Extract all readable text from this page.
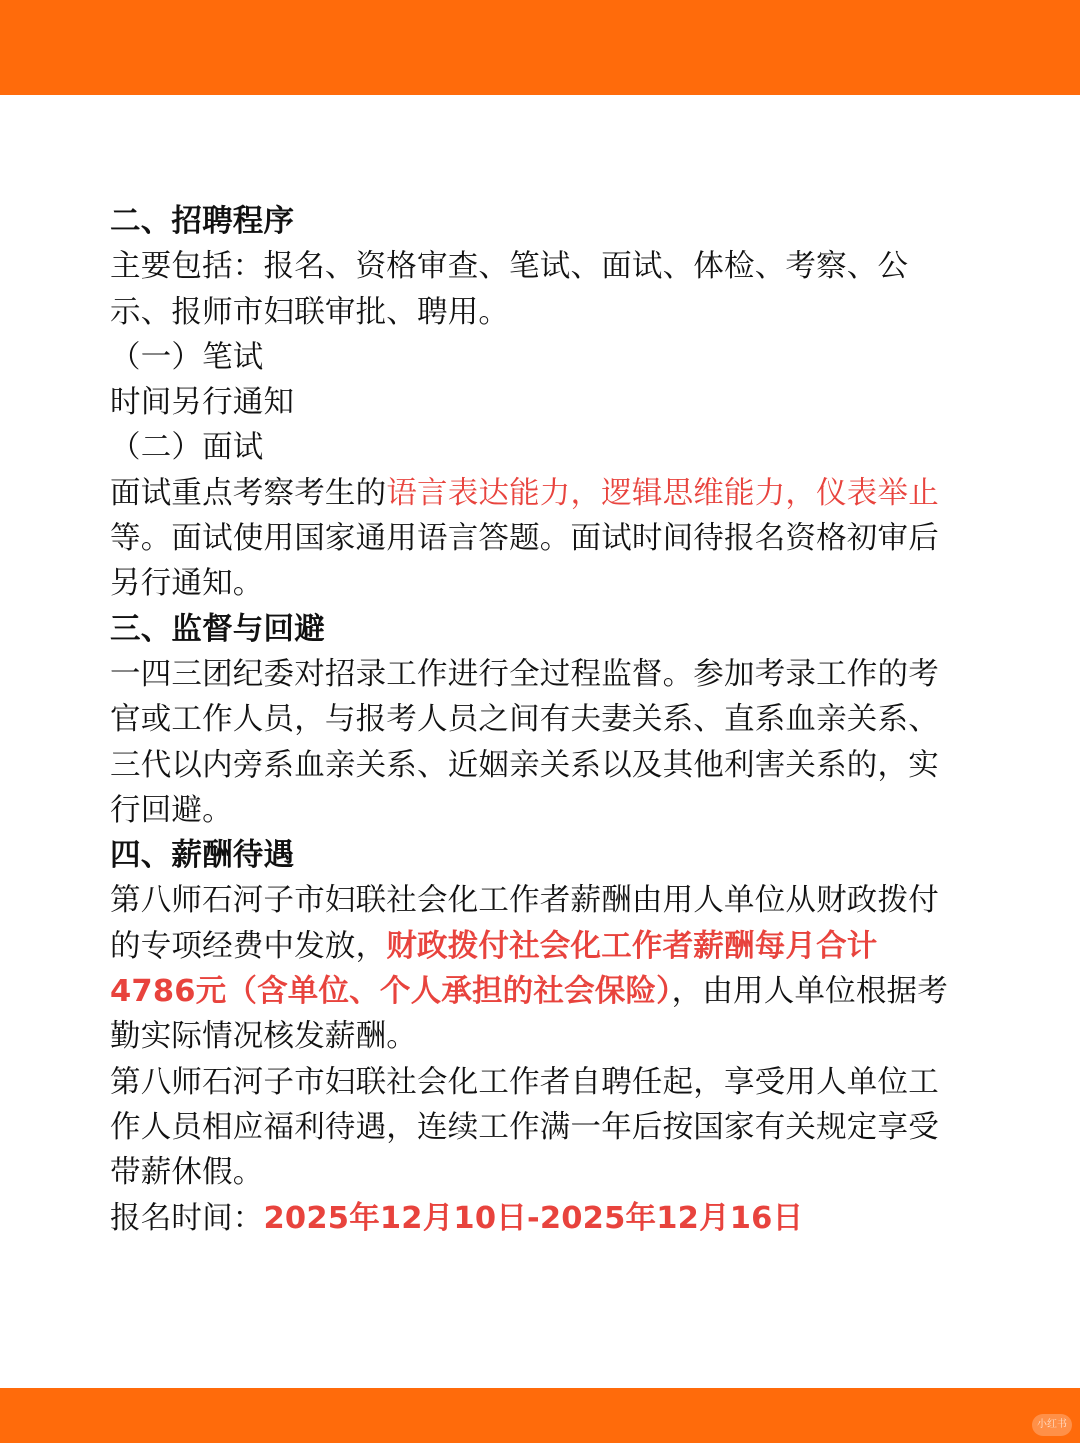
二、招聘程序

主要包括：报名、资格审查、笔试、面试、体检、考察、公示、报师市妇联审批、聘用。

（一）笔试

时间另行通知

（二）面试

面试重点考察考生的语言表达能力，逻辑思维能力，仪表举止等。面试使用国家通用语言答题。面试时间待报名资格初审后另行通知。

三、监督与回避

一四三团纪委对招录工作进行全过程监督。参加考录工作的考官或工作人员，与报考人员之间有夫妻关系、直系血亲关系、三代以内旁系血亲关系、近姻亲关系以及其他利害关系的，实行回避。

四、薪酬待遇

第八师石河子市妇联社会化工作者薪酬由用人单位从财政拨付的专项经费中发放，财政拨付社会化工作者薪酬每月合计4786元（含单位、个人承担的社会保险），由用人单位根据考勤实际情况核发薪酬。

第八师石河子市妇联社会化工作者自聘任起，享受用人单位工作人员相应福利待遇，连续工作满一年后按国家有关规定享受带薪休假。

报名时间：2025年12月10日-2025年12月16日

小红书
